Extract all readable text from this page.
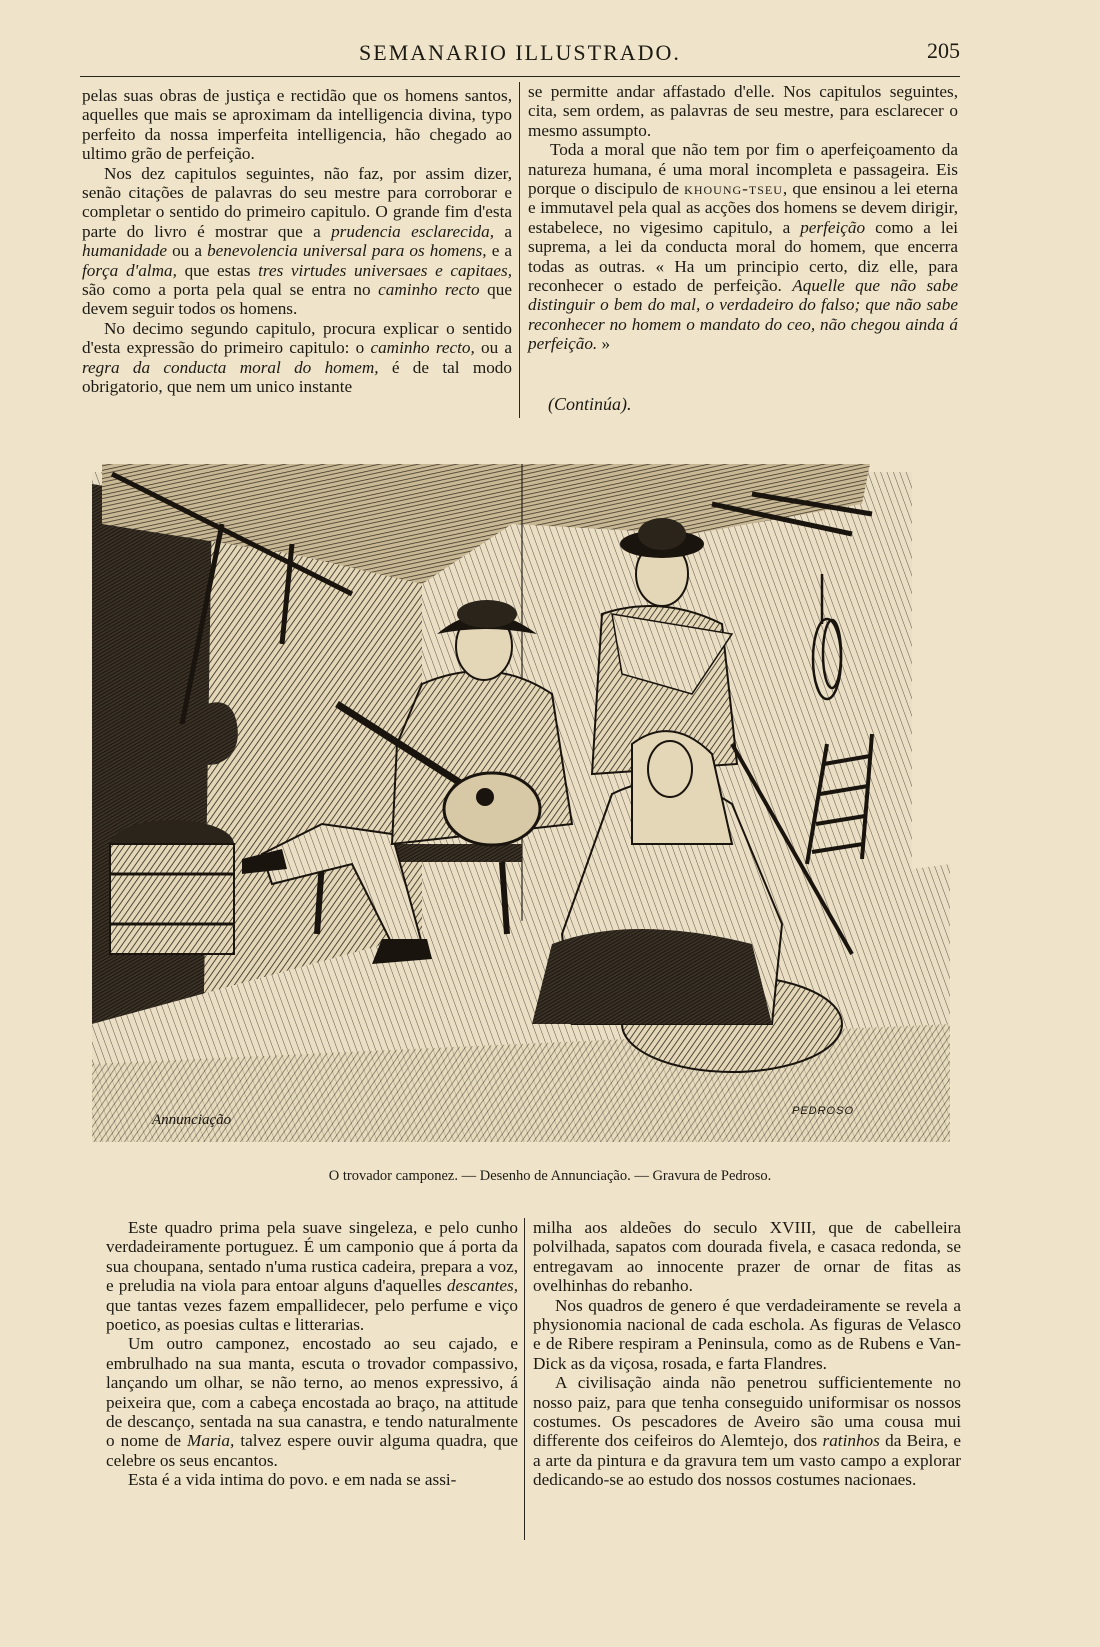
SEMANARIO ILLUSTRADO.	205

pelas suas obras de justiça e rectidão que os homens santos, aquelles que mais se aproximam da intelligencia divina, typo perfeito da nossa imperfeita intelligencia, hão chegado ao ultimo grão de perfeição.

Nos dez capitulos seguintes, não faz, por assim dizer, senão citações de palavras do seu mestre para corroborar e completar o sentido do primeiro capitulo. O grande fim d'esta parte do livro é mostrar que a prudencia esclarecida, a humanidade ou a benevolencia universal para os homens, e a força d'alma, que estas tres virtudes universaes e capitaes, são como a porta pela qual se entra no caminho recto que devem seguir todos os homens.

No decimo segundo capitulo, procura explicar o sentido d'esta expressão do primeiro capitulo: o caminho recto, ou a regra da conducta moral do homem, é de tal modo obrigatorio, que nem um unico instante

se permitte andar affastado d'elle. Nos capitulos seguintes, cita, sem ordem, as palavras de seu mestre, para esclarecer o mesmo assumpto.

Toda a moral que não tem por fim o aperfeiçoamento da natureza humana, é uma moral incompleta e passageira. Eis porque o discipulo de khoung-tseu, que ensinou a lei eterna e immutavel pela qual as acções dos homens se devem dirigir, estabelece, no vigesimo capitulo, a perfeição como a lei suprema, a lei da conducta moral do homem, que encerra todas as outras. « Ha um principio certo, diz elle, para reconhecer o estado de perfeição. Aquelle que não sabe distinguir o bem do mal, o verdadeiro do falso; que não sabe reconhecer no homem o mandato do ceo, não chegou ainda á perfeição. »

(Continúa).
Annunciação
PEDROSO
O trovador camponez. — Desenho de Annunciação. — Gravura de Pedroso.

Este quadro prima pela suave singeleza, e pelo cunho verdadeiramente portuguez. É um camponio que á porta da sua choupana, sentado n'uma rustica cadeira, prepara a voz, e preludia na viola para entoar alguns d'aquelles descantes, que tantas vezes fazem empallidecer, pelo perfume e viço poetico, as poesias cultas e litterarias.

Um outro camponez, encostado ao seu cajado, e embrulhado na sua manta, escuta o trovador compassivo, lançando um olhar, se não terno, ao menos expressivo, á peixeira que, com a cabeça encostada ao braço, na attitude de descanço, sentada na sua canastra, e tendo naturalmente o nome de Maria, talvez espere ouvir alguma quadra, que celebre os seus encantos.

Esta é a vida intima do povo. e em nada se assi-

milha aos aldeões do seculo XVIII, que de cabelleira polvilhada, sapatos com dourada fivela, e casaca redonda, se entregavam ao innocente prazer de ornar de fitas as ovelhinhas do rebanho.

Nos quadros de genero é que verdadeiramente se revela a physionomia nacional de cada eschola. As figuras de Velasco e de Ribere respiram a Peninsula, como as de Rubens e Van-Dick as da viçosa, rosada, e farta Flandres.

A civilisação ainda não penetrou sufficientemente no nosso paiz, para que tenha conseguido uniformisar os nossos costumes. Os pescadores de Aveiro são uma cousa mui differente dos ceifeiros do Alemtejo, dos ratinhos da Beira, e a arte da pintura e da gravura tem um vasto campo a explorar dedicando-se ao estudo dos nossos costumes nacionaes.
